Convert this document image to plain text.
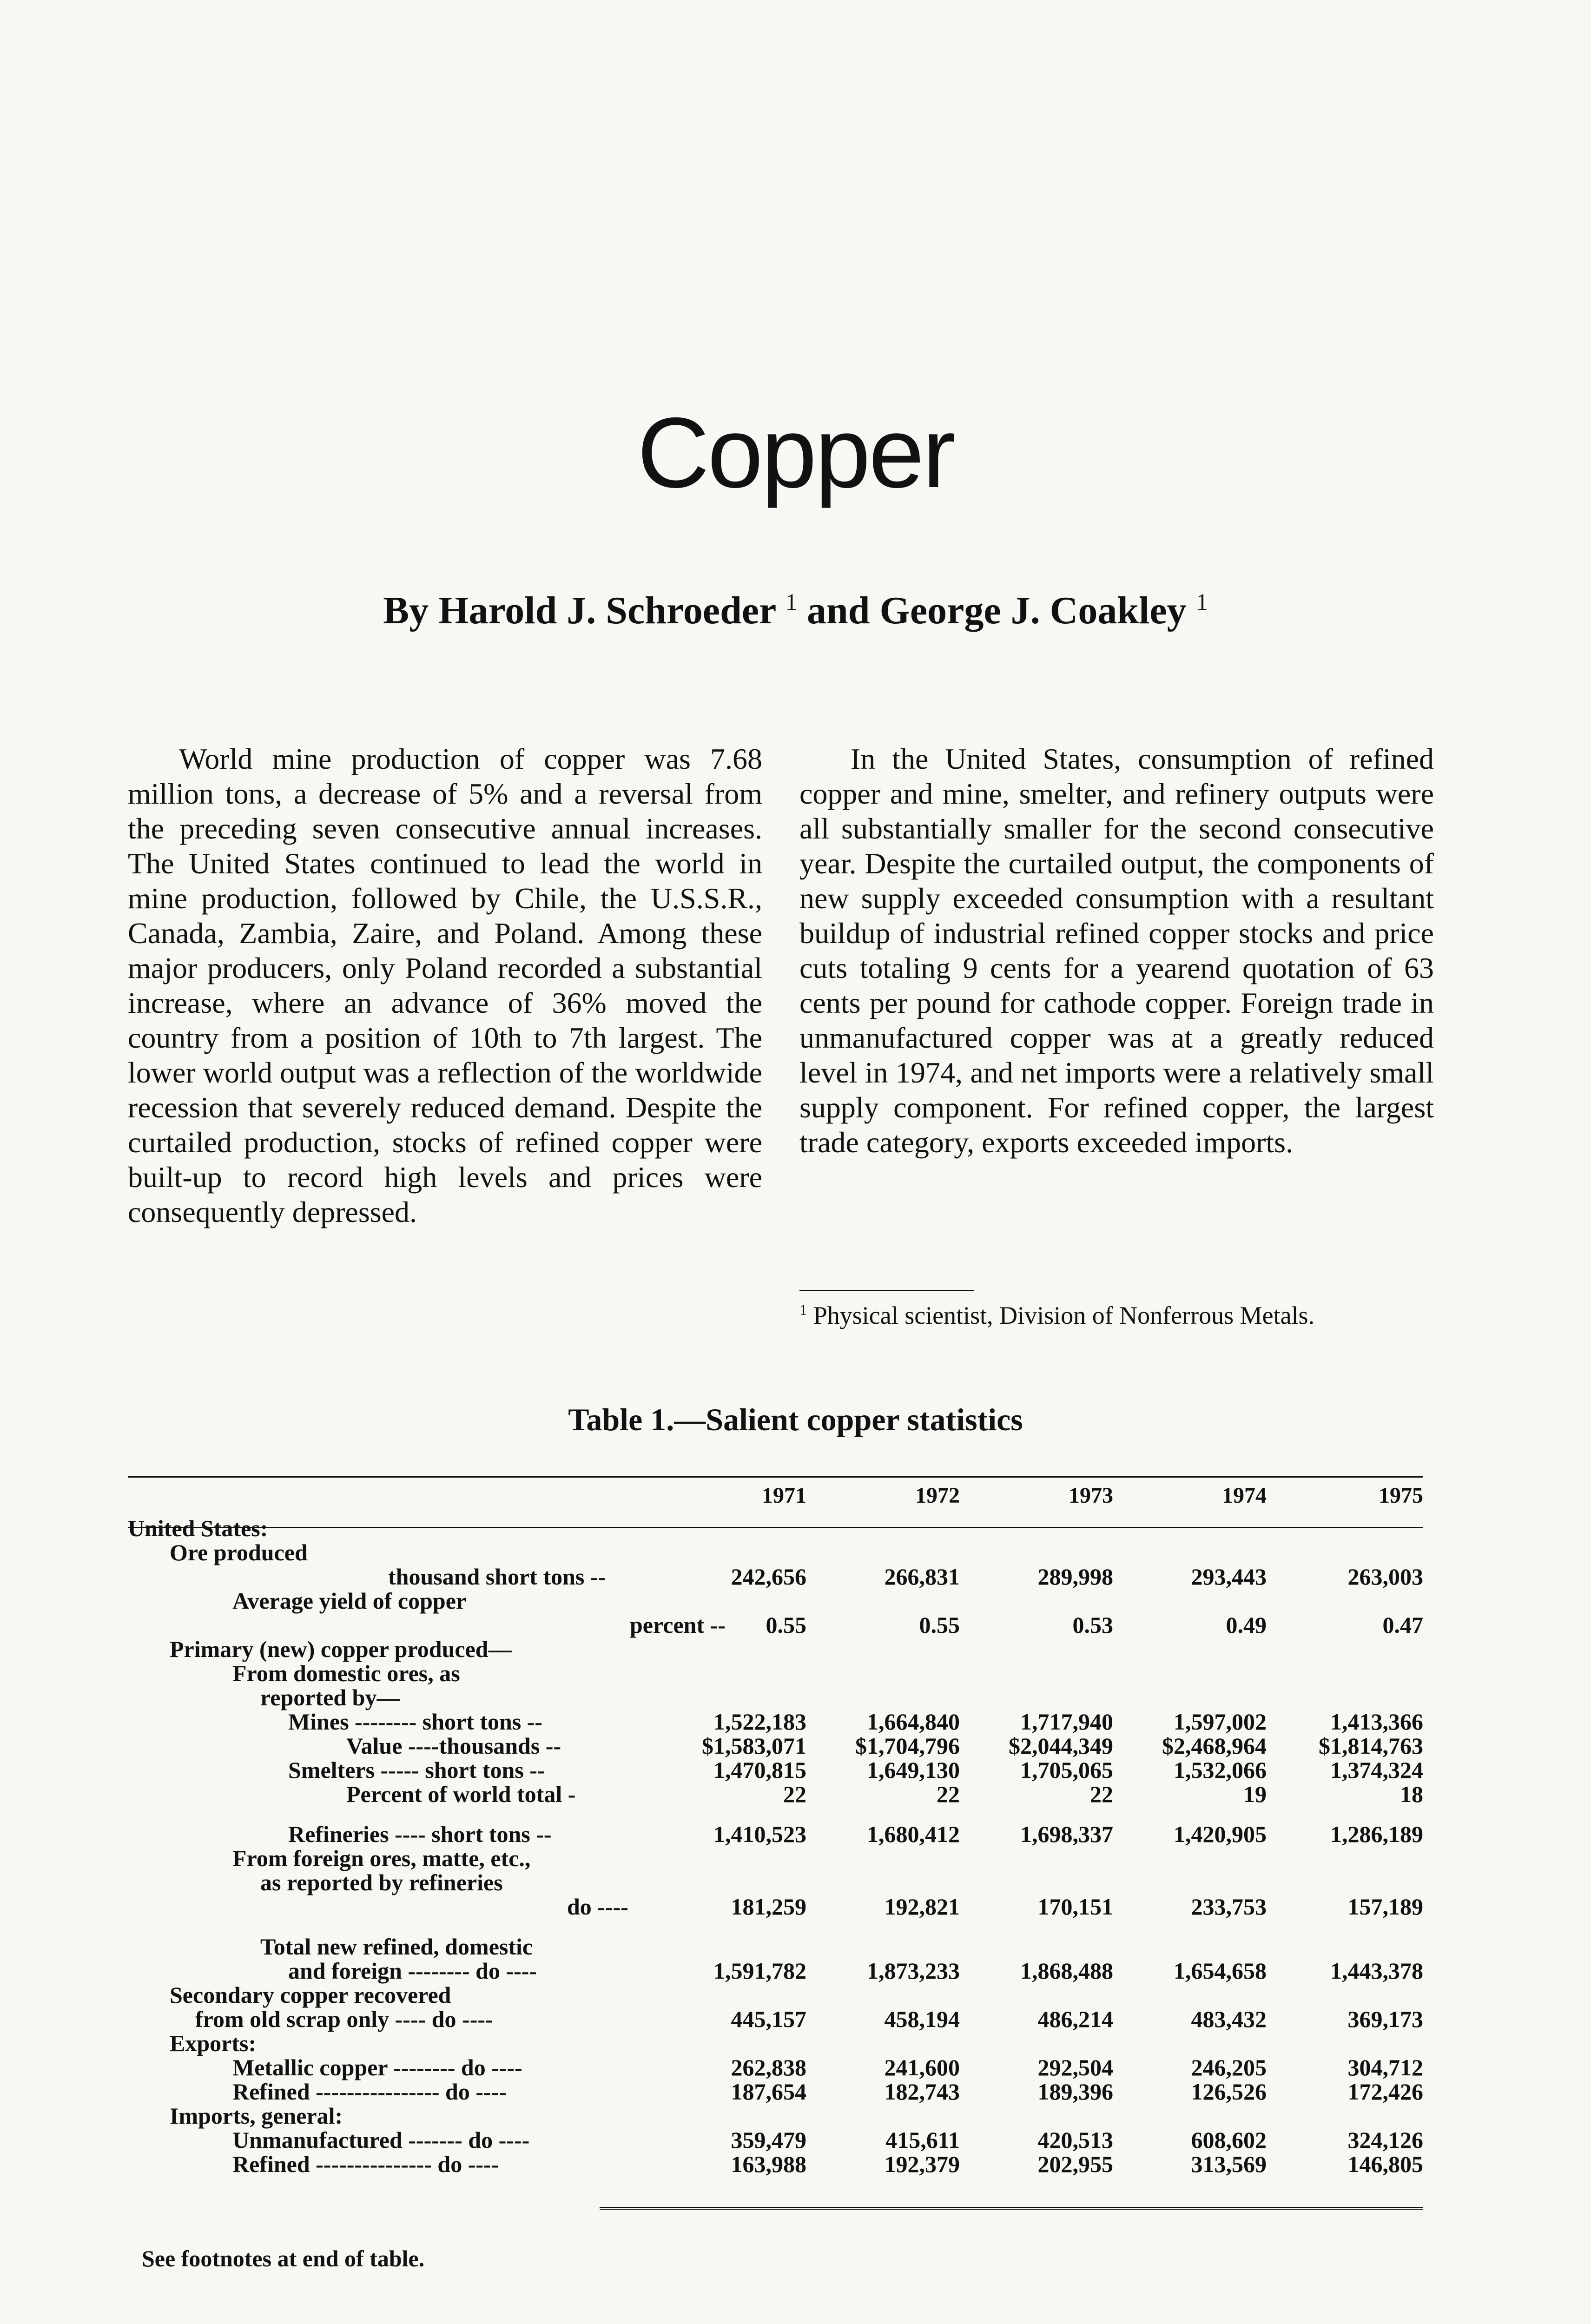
Copper
By Harold J. Schroeder $^1$ and George J. Coakley $^1$

World mine production of copper was 7.68 million tons, a decrease of 5% and a reversal from the preceding seven consecutive annual increases. The United States continued to lead the world in mine production, followed by Chile, the U.S.S.R., Canada, Zambia, Zaire, and Poland. Among these major producers, only Poland recorded a substantial increase, where an advance of 36% moved the country from a position of 10th to 7th largest. The lower world output was a reflection of the worldwide recession that severely reduced demand. Despite the curtailed production, stocks of refined copper were built-up to record high levels and prices were consequently depressed.

In the United States, consumption of refined copper and mine, smelter, and refinery outputs were all substantially smaller for the second consecutive year. Despite the curtailed output, the components of new supply exceeded consumption with a resultant buildup of industrial refined copper stocks and price cuts totaling 9 cents for a yearend quotation of 63 cents per pound for cathode copper. Foreign trade in unmanufactured copper was at a greatly reduced level in 1974, and net imports were a relatively small supply component. For refined copper, the largest trade category, exports exceeded imports.

$^1$ Physical scientist, Division of Nonferrous Metals.
Table 1.—Salient copper statistics
	1971	1972	1973	1974	1975
United States:					
Ore produced					
thousand short tons --	242,656	266,831	289,998	293,443	263,003
Average yield of copper					
percent --	0.55	0.55	0.53	0.49	0.47
Primary (new) copper produced—					
From domestic ores, as					
reported by—					
Mines -------- short tons --	1,522,183	1,664,840	1,717,940	1,597,002	1,413,366
Value ----thousands --	$1,583,071	$1,704,796	$2,044,349	$2,468,964	$1,814,763
Smelters ----- short tons --	1,470,815	1,649,130	1,705,065	1,532,066	1,374,324
Percent of world total -	22	22	22	19	18

Refineries ---- short tons --	1,410,523	1,680,412	1,698,337	1,420,905	1,286,189
From foreign ores, matte, etc.,					
as reported by refineries					
do ----	181,259	192,821	170,151	233,753	157,189

Total new refined, domestic					
and foreign -------- do ----	1,591,782	1,873,233	1,868,488	1,654,658	1,443,378
Secondary copper recovered					
from old scrap only ---- do ----	445,157	458,194	486,214	483,432	369,173
Exports:					
Metallic copper -------- do ----	262,838	241,600	292,504	246,205	304,712
Refined ---------------- do ----	187,654	182,743	189,396	126,526	172,426
Imports, general:					
Unmanufactured ------- do ----	359,479	415,611	420,513	608,602	324,126
Refined --------------- do ----	163,988	192,379	202,955	313,569	146,805
See footnotes at end of table.
